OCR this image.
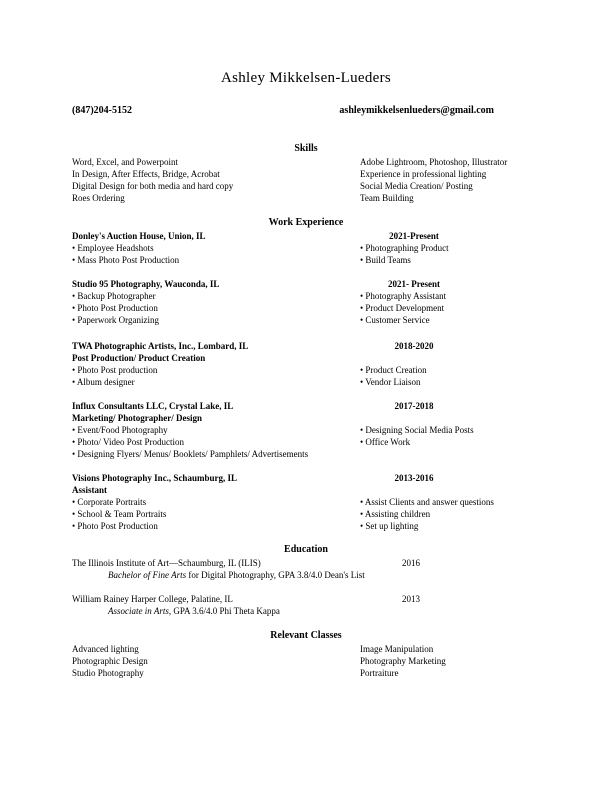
Ashley Mikkelsen-Lueders
(847)204-5152	ashleymikkelsenlueders@gmail.com
Skills
Word, Excel, and Powerpoint	Adobe Lightroom, Photoshop, Illustrator
In Design, After Effects, Bridge, Acrobat	Experience in professional lighting
Digital Design for both media and hard copy	Social Media Creation/ Posting
Roes Ordering	Team Building
Work Experience
Donley's Auction House, Union, IL	2021-Present
• Employee Headshots	• Photographing Product
• Mass Photo Post Production	• Build Teams
Studio 95 Photography, Wauconda, IL	2021- Present
• Backup Photographer	• Photography Assistant
• Photo Post Production	• Product Development
• Paperwork Organizing	• Customer Service
TWA Photographic Artists, Inc., Lombard, IL	2018-2020
Post Production/ Product Creation
• Photo Post production	• Product Creation
• Album designer	• Vendor Liaison
Influx Consultants LLC, Crystal Lake, IL	2017-2018
Marketing/ Photographer/ Design
• Event/Food Photography	• Designing Social Media Posts
• Photo/ Video Post Production	• Office Work
• Designing Flyers/ Menus/ Booklets/ Pamphlets/ Advertisements
Visions Photography Inc., Schaumburg, IL	2013-2016
Assistant
• Corporate Portraits	• Assist Clients and answer questions
• School & Team Portraits	• Assisting children
• Photo Post Production	• Set up lighting
Education
The Illinois Institute of Art—Schaumburg, IL (ILIS)	2016
Bachelor of Fine Arts for Digital Photography, GPA 3.8/4.0 Dean's List
William Rainey Harper College, Palatine, IL	2013
Associate in Arts, GPA 3.6/4.0 Phi Theta Kappa
Relevant Classes
Advanced lighting	Image Manipulation
Photographic Design	Photography Marketing
Studio Photography	Portraiture
